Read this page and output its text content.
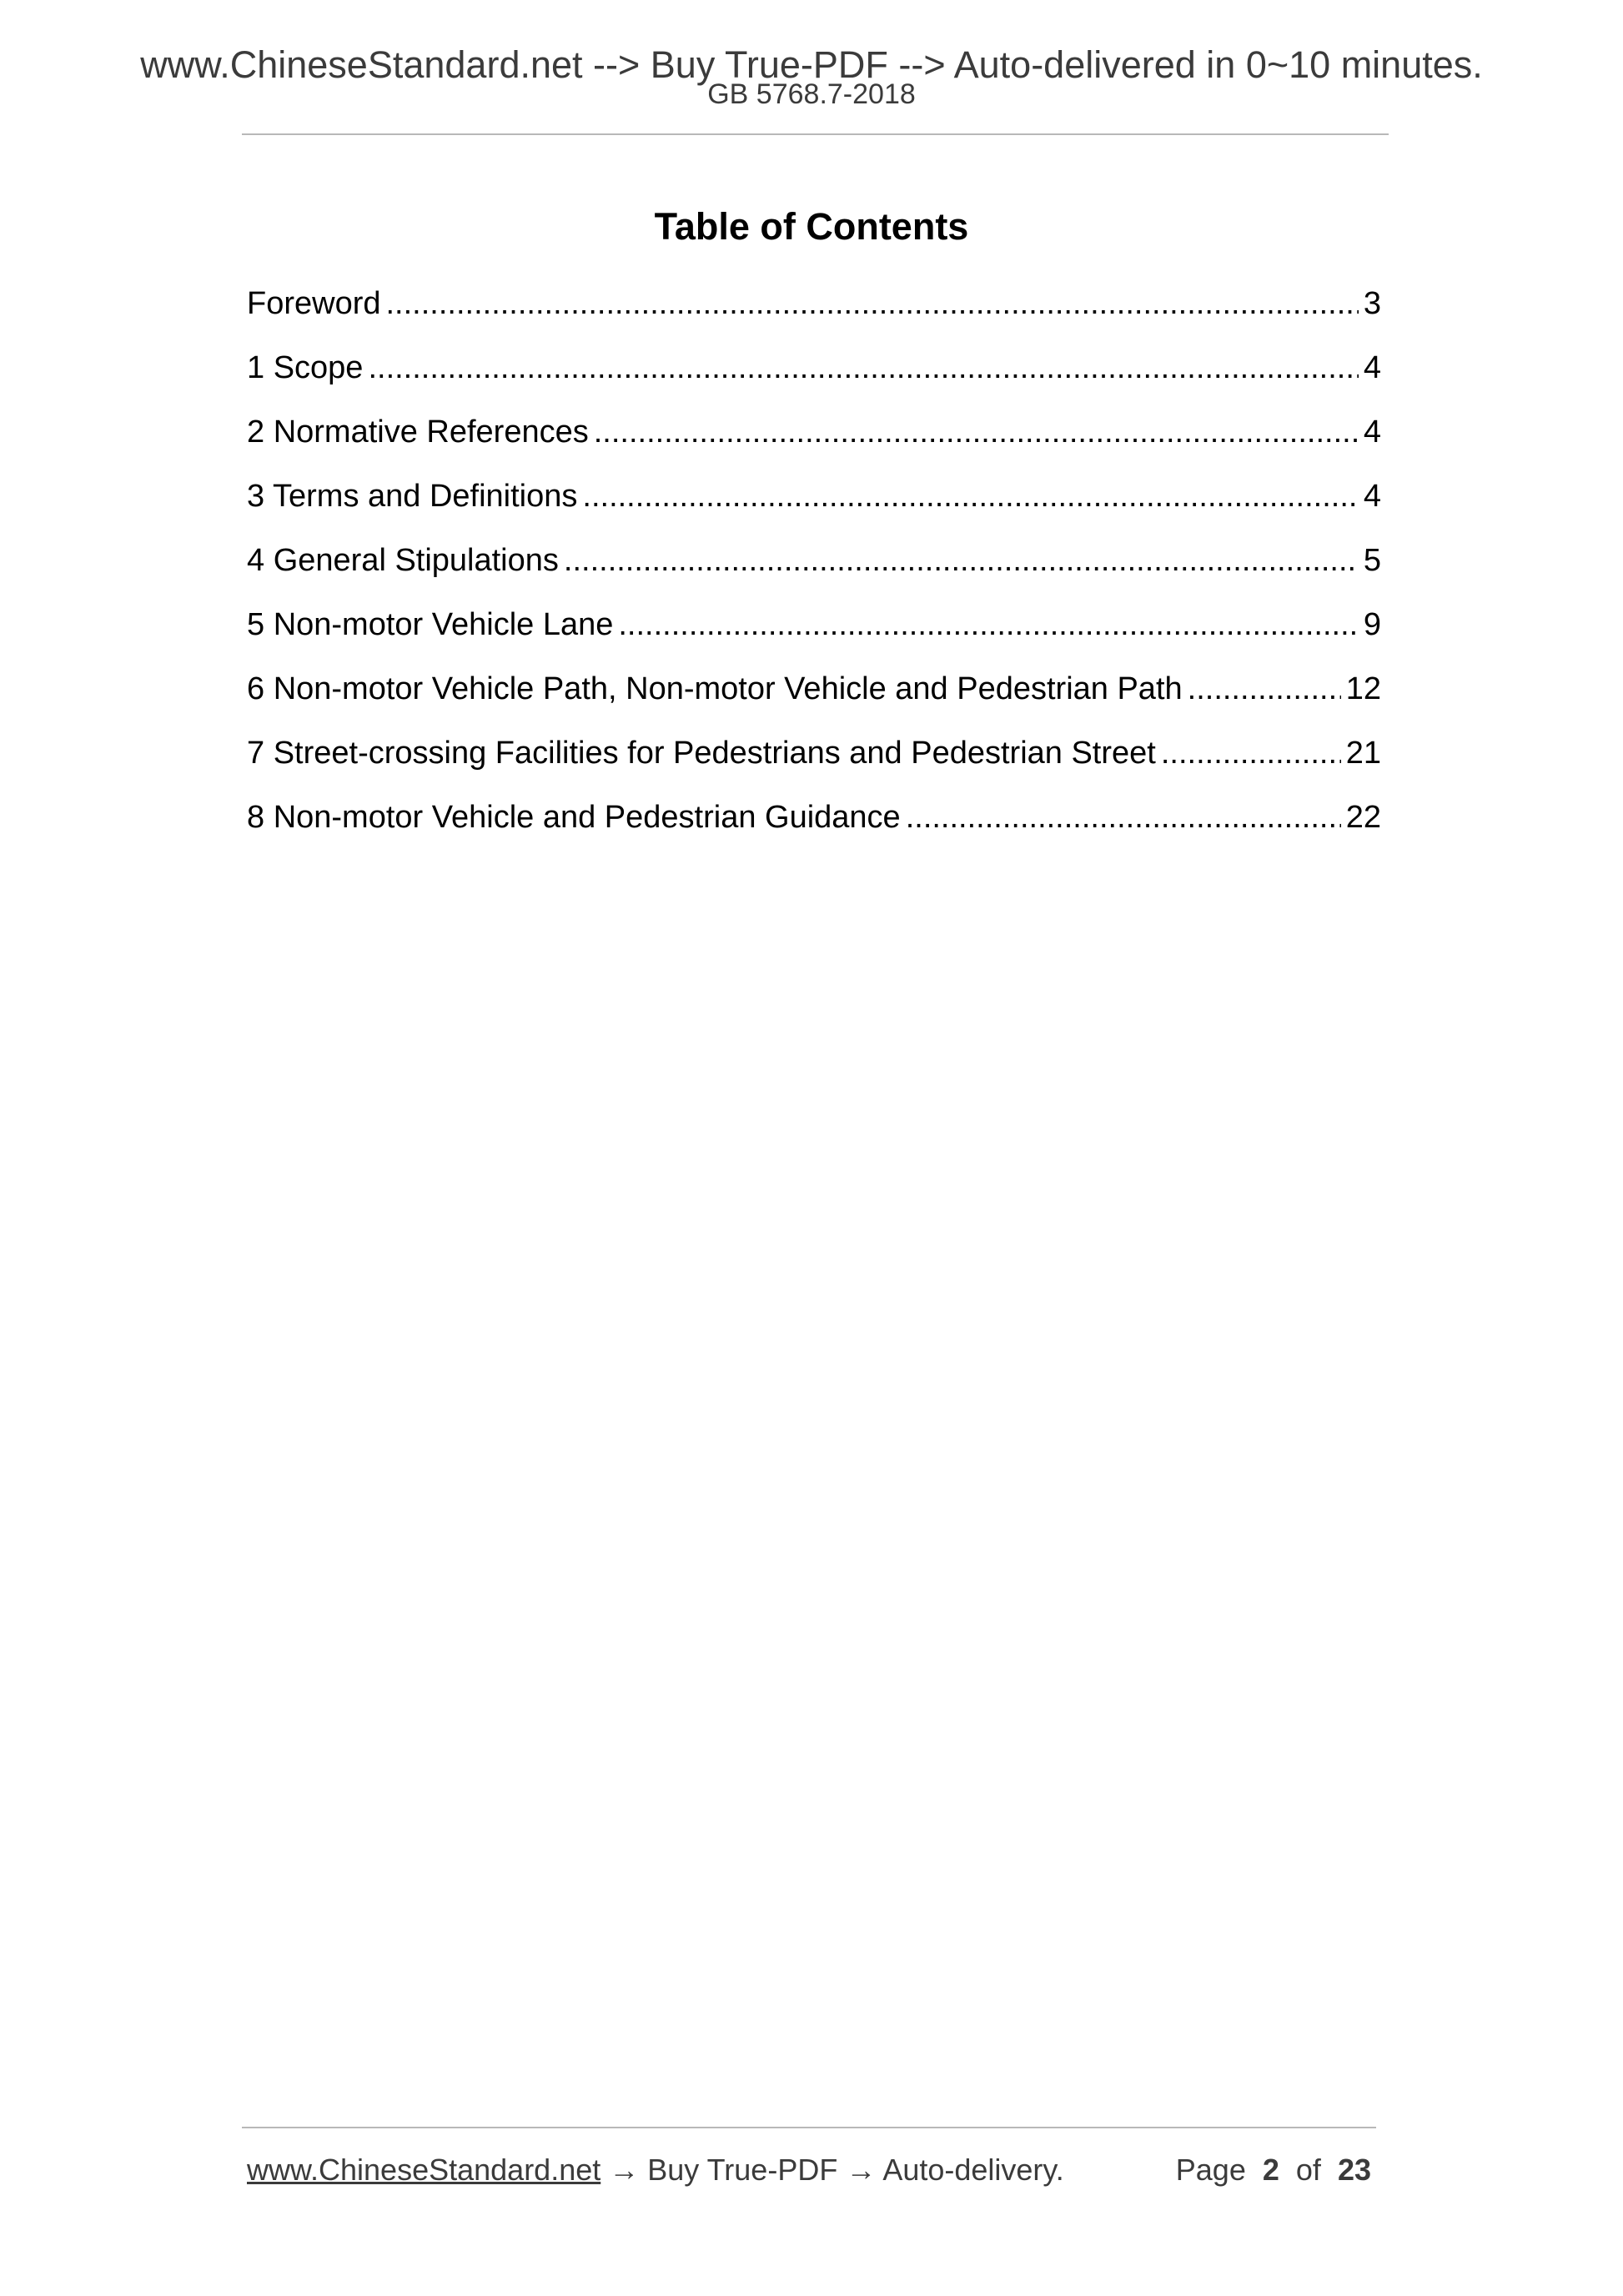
www.ChineseStandard.net --> Buy True-PDF --> Auto-delivered in 0~10 minutes.
GB 5768.7-2018
Table of Contents
Foreword .....	3
1 Scope .....	4
2 Normative References .....	4
3 Terms and Definitions .....	4
4 General Stipulations .....	5
5 Non-motor Vehicle Lane .....	9
6 Non-motor Vehicle Path, Non-motor Vehicle and Pedestrian Path .....	12
7 Street-crossing Facilities for Pedestrians and Pedestrian Street .....	21
8 Non-motor Vehicle and Pedestrian Guidance .....	22
www.ChineseStandard.net → Buy True-PDF → Auto-delivery.	Page 2 of 23
